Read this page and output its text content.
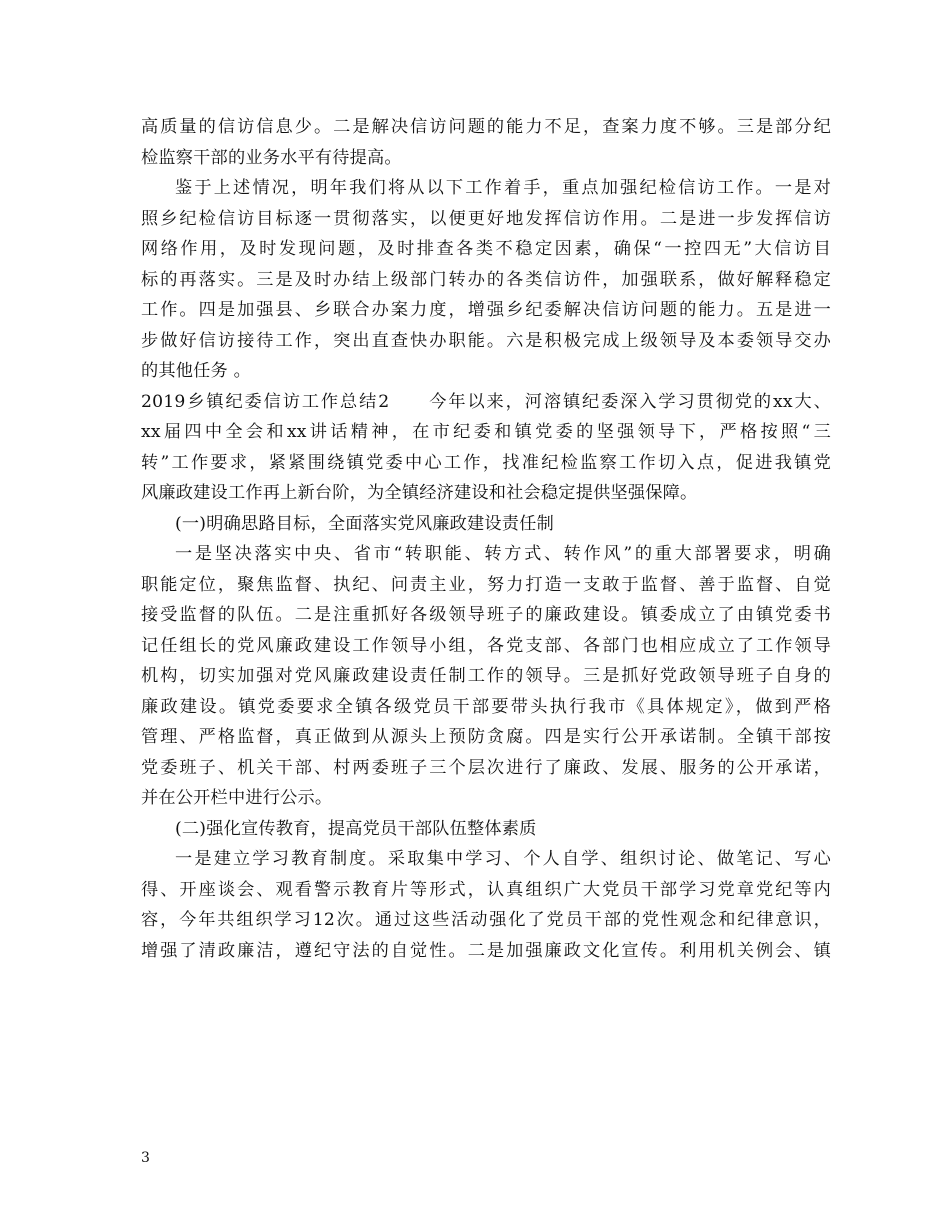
高质量的信访信息少。二是解决信访问题的能力不足，查案力度不够。三是部分纪
检监察干部的业务水平有待提高。
鉴于上述情况，明年我们将从以下工作着手，重点加强纪检信访工作。一是对
照乡纪检信访目标逐一贯彻落实，以便更好地发挥信访作用。二是进一步发挥信访
网络作用，及时发现问题，及时排查各类不稳定因素，确保“一控四无”大信访目
标的再落实。三是及时办结上级部门转办的各类信访件，加强联系，做好解释稳定
工作。四是加强县、乡联合办案力度，增强乡纪委解决信访问题的能力。五是进一
步做好信访接待工作，突出直查快办职能。六是积极完成上级领导及本委领导交办
的其他任务 。
2019乡镇纪委信访工作总结2　　今年以来，河溶镇纪委深入学习贯彻党的xx大、
xx届四中全会和xx讲话精神，在市纪委和镇党委的坚强领导下，严格按照“三
转”工作要求，紧紧围绕镇党委中心工作，找准纪检监察工作切入点，促进我镇党
风廉政建设工作再上新台阶，为全镇经济建设和社会稳定提供坚强保障。
(一)明确思路目标，全面落实党风廉政建设责任制
一是坚决落实中央、省市“转职能、转方式、转作风”的重大部署要求，明确
职能定位，聚焦监督、执纪、问责主业，努力打造一支敢于监督、善于监督、自觉
接受监督的队伍。二是注重抓好各级领导班子的廉政建设。镇委成立了由镇党委书
记任组长的党风廉政建设工作领导小组，各党支部、各部门也相应成立了工作领导
机构，切实加强对党风廉政建设责任制工作的领导。三是抓好党政领导班子自身的
廉政建设。镇党委要求全镇各级党员干部要带头执行我市《具体规定》，做到严格
管理、严格监督，真正做到从源头上预防贪腐。四是实行公开承诺制。全镇干部按
党委班子、机关干部、村两委班子三个层次进行了廉政、发展、服务的公开承诺，
并在公开栏中进行公示。
(二)强化宣传教育，提高党员干部队伍整体素质
一是建立学习教育制度。采取集中学习、个人自学、组织讨论、做笔记、写心
得、开座谈会、观看警示教育片等形式，认真组织广大党员干部学习党章党纪等内
容，今年共组织学习12次。通过这些活动强化了党员干部的党性观念和纪律意识，
增强了清政廉洁，遵纪守法的自觉性。二是加强廉政文化宣传。利用机关例会、镇
3
